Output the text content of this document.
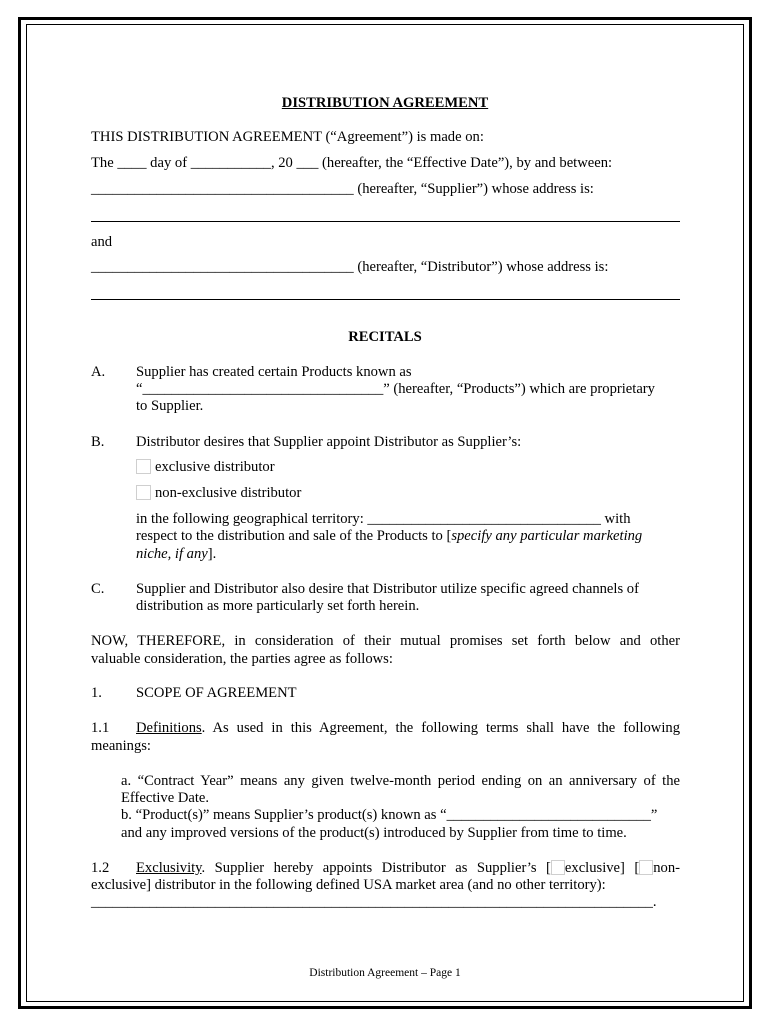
DISTRIBUTION AGREEMENT
THIS DISTRIBUTION AGREEMENT (“Agreement”) is made on:
The ____ day of ___________, 20 ___ (hereafter, the “Effective Date”), by and between:
____________________________________ (hereafter, “Supplier”) whose address is:
and
____________________________________ (hereafter, “Distributor”) whose address is:
RECITALS
A. Supplier has created certain Products known as
“_________________________________” (hereafter, “Products”) which are proprietary
to Supplier.
B. Distributor desires that Supplier appoint Distributor as Supplier’s:
exclusive distributor
non-exclusive distributor
in the following geographical territory: ________________________________ with
respect to the distribution and sale of the Products to [specify any particular marketing
niche, if any].
C. Supplier and Distributor also desire that Distributor utilize specific agreed channels of
distribution as more particularly set forth herein.
NOW, THEREFORE, in consideration of their mutual promises set forth below and other
valuable consideration, the parties agree as follows:
1. SCOPE OF AGREEMENT
1.1	Definitions. As used in this Agreement, the following terms shall have the following
meanings:
a. “Contract Year” means any given twelve-month period ending on an anniversary of the
Effective Date.
b. “Product(s)” means Supplier’s product(s) known as “____________________________”
and any improved versions of the product(s) introduced by Supplier from time to time.
1.2	Exclusivity. Supplier hereby appoints Distributor as Supplier’s [ exclusive] [ non-
exclusive] distributor in the following defined USA market area (and no other territory):
_____________________________________________________________________________.
Distribution Agreement – Page 1
